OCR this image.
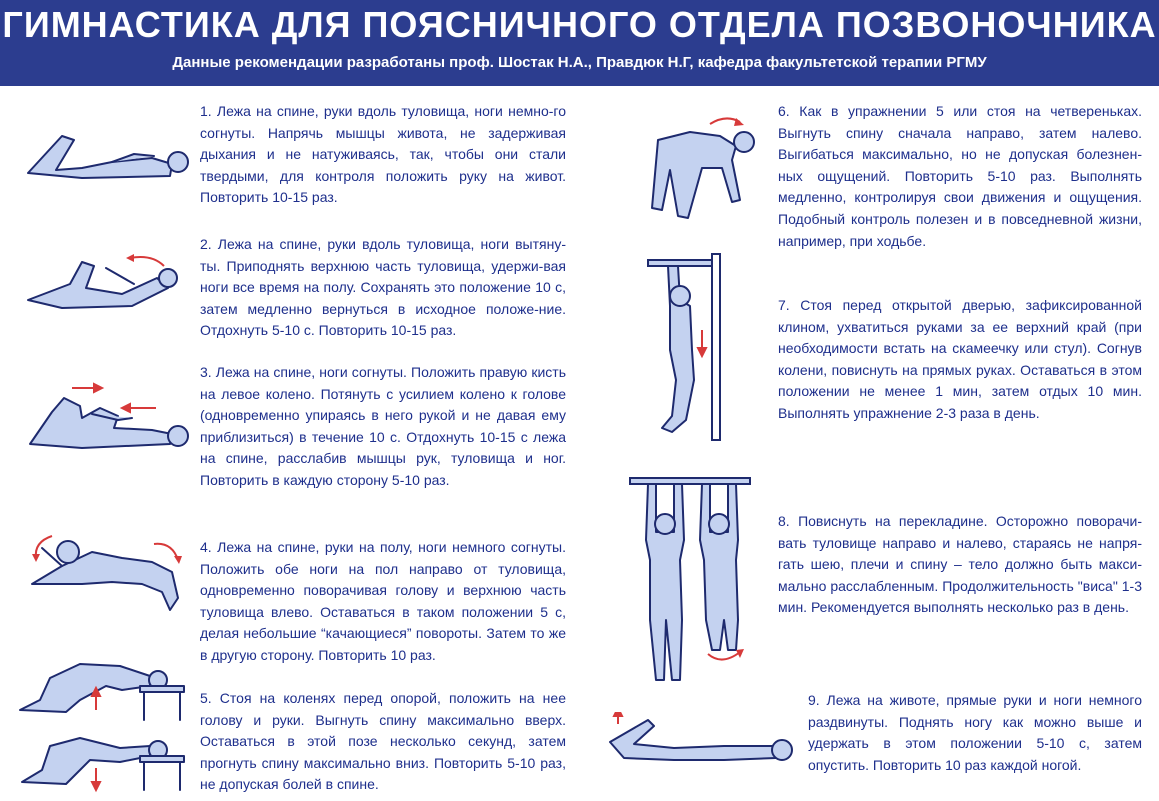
ГИМНАСТИКА ДЛЯ ПОЯСНИЧНОГО ОТДЕЛА ПОЗВОНОЧНИКА
Данные рекомендации разработаны проф. Шостак Н.А., Правдюк Н.Г, кафедра факультетской терапии РГМУ
1. Лежа на спине, руки вдоль туловища, ноги немно-го согнуты. Напрячь мышцы живота, не задерживая дыхания и не натуживаясь, так, чтобы они стали твердыми, для контроля положить руку на живот. Повторить 10-15 раз.
2. Лежа на спине, руки вдоль туловища, ноги вытяну-ты. Приподнять верхнюю часть туловища, удержи-вая ноги все время на полу. Сохранять это положение 10 с, затем медленно вернуться в исходное положе-ние. Отдохнуть 5-10 с. Повторить 10-15 раз.
3. Лежа на спине, ноги согнуты. Положить правую кисть на левое колено. Потянуть с усилием колено к голове (одновременно упираясь в него рукой и не давая ему приблизиться) в течение 10 с. Отдохнуть 10-15 с лежа на спине, расслабив мышцы рук, туловища и ног. Повторить в каждую сторону 5-10 раз.
4. Лежа на спине, руки на полу, ноги немного согнуты. Положить обе ноги на пол направо от туловища, одновременно поворачивая голову и верхнюю часть туловища влево. Оставаться в таком положении 5 с, делая небольшие “качающиеся” повороты. Затем то же в другую сторону. Повторить 10 раз.
5. Стоя на коленях перед опорой, положить на нее голову и руки. Выгнуть спину максимально вверх. Оставаться в этой позе несколько секунд, затем прогнуть спину максимально вниз. Повторить 5-10 раз, не допуская болей в спине.
6. Как в упражнении 5 или стоя на четвереньках. Выгнуть спину сначала направо, затем налево. Выгибаться максимально, но не допуская болезнен-ных ощущений. Повторить 5-10 раз. Выполнять медленно, контролируя свои движения и ощущения. Подобный контроль полезен и в повседневной жизни, например, при ходьбе.
7. Стоя перед открытой дверью, зафиксированной клином, ухватиться руками за ее верхний край (при необходимости встать на скамеечку или стул). Согнув колени, повиснуть на прямых руках. Оставаться в этом положении не менее 1 мин, затем отдых 10 мин. Выполнять упражнение 2-3 раза в день.
8. Повиснуть на перекладине. Осторожно поворачи-вать туловище направо и налево, стараясь не напря-гать шею, плечи и спину – тело должно быть макси-мально расслабленным. Продолжительность "виса" 1-3 мин. Рекомендуется выполнять несколько раз в день.
9. Лежа на животе, прямые руки и ноги немного раздвинуты. Поднять ногу как можно выше и удержать в этом положении 5-10 с, затем опустить. Повторить 10 раз каждой ногой.
